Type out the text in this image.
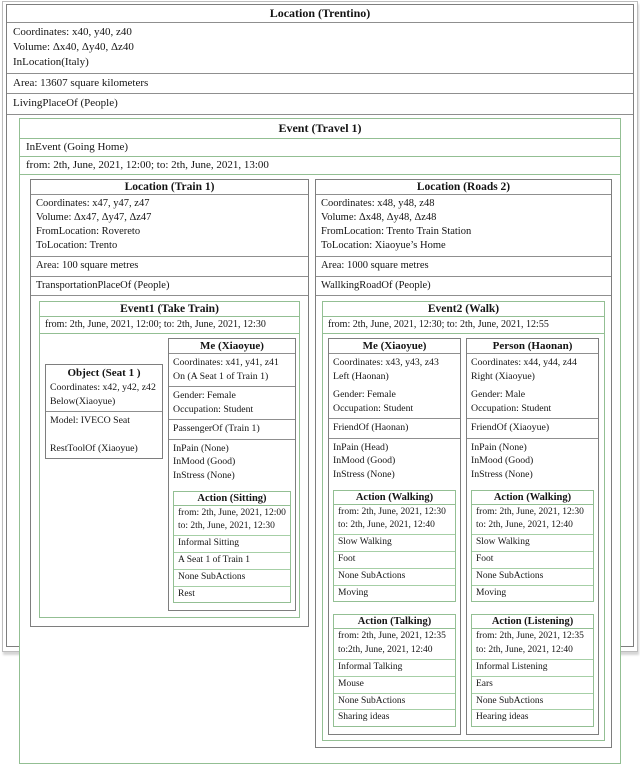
Location (Trentino)
Coordinates: x40, y40, z40
Volume: Δx40, Δy40, Δz40
InLocation(Italy)
Area: 13607 square kilometers
LivingPlaceOf (People)
Event (Travel 1)
InEvent (Going Home)
from: 2th, June, 2021, 12:00; to: 2th, June, 2021, 13:00
Location (Train 1)
Coordinates: x47, y47, z47
Volume: Δx47, Δy47, Δz47
FromLocation: Rovereto
ToLocation: Trento
Area: 100 square metres
TransportationPlaceOf (People)
Event1 (Take Train)
from: 2th, June, 2021, 12:00; to: 2th, June, 2021, 12:30
Object (Seat 1 )
Coordinates: x42, y42, z42
Below(Xiaoyue)
Model: IVECO Seat
RestToolOf (Xiaoyue)
Me (Xiaoyue)
Coordinates: x41, y41, z41
On (A Seat 1 of Train 1)
Gender: Female
Occupation: Student
PassengerOf (Train 1)
InPain (None)
InMood (Good)
InStress (None)
Action (Sitting)
from: 2th, June, 2021, 12:00
to: 2th, June, 2021, 12:30
Informal Sitting
A Seat 1 of Train 1
None SubActions
Rest
Location (Roads 2)
Coordinates: x48, y48, z48
Volume: Δx48, Δy48, Δz48
FromLocation: Trento Train Station
ToLocation: Xiaoyue’s Home
Area: 1000 square metres
WallkingRoadOf (People)
Event2 (Walk)
from: 2th, June, 2021, 12:30; to: 2th, June, 2021, 12:55
Me (Xiaoyue)
Coordinates: x43, y43, z43
Left (Haonan)
Gender: Female
Occupation: Student
FriendOf (Haonan)
InPain (Head)
InMood (Good)
InStress (None)
Action (Walking)
from: 2th, June, 2021, 12:30
to: 2th, June, 2021, 12:40
Slow Walking
Foot
None SubActions
Moving
Action (Talking)
from: 2th, June, 2021, 12:35
to:2th, June, 2021, 12:40
Informal Talking
Mouse
None SubActions
Sharing ideas
Person (Haonan)
Coordinates: x44, y44, z44
Right (Xiaoyue)
Gender: Male
Occupation: Student
FriendOf (Xiaoyue)
InPain (None)
InMood (Good)
InStress (None)
Action (Walking)
from: 2th, June, 2021, 12:30
to: 2th, June, 2021, 12:40
Slow Walking
Foot
None SubActions
Moving
Action (Listening)
from: 2th, June, 2021, 12:35
to: 2th, June, 2021, 12:40
Informal Listening
Ears
None SubActions
Hearing ideas
